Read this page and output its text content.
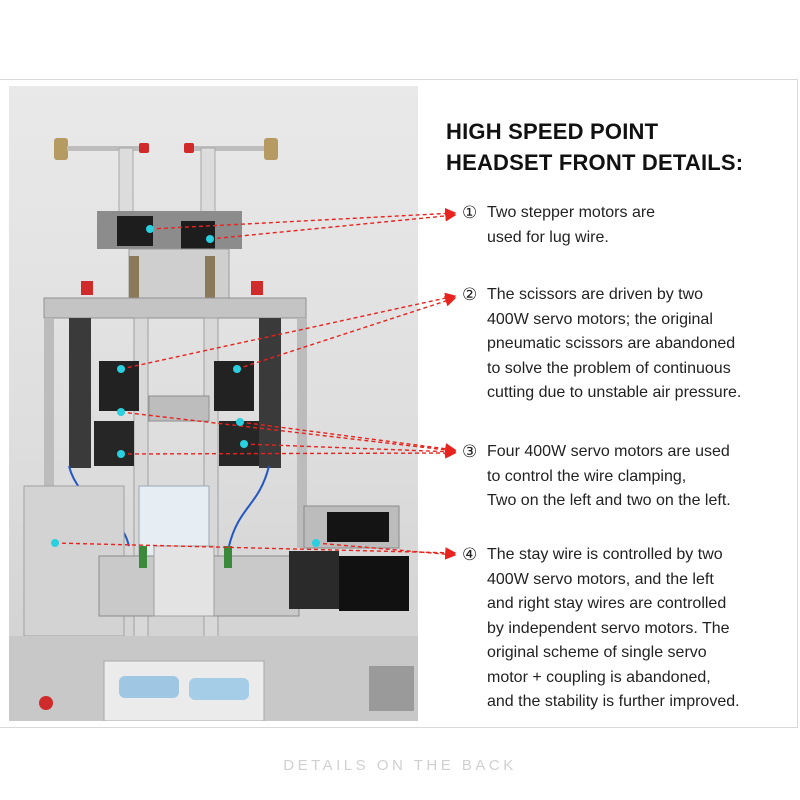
HIGH SPEED POINT
HEADSET FRONT DETAILS:
① Two stepper motors are
used for lug wire.
② The scissors are driven by two
400W servo motors; the original
pneumatic scissors are abandoned
to solve the problem of continuous
cutting due to unstable air pressure.
③ Four 400W servo motors are used
to control the wire clamping,
Two on the left and two on the left.
④ The stay wire is controlled by two
400W servo motors, and the left
and right stay wires are controlled
by independent servo motors. The
original scheme of single servo
motor + coupling is abandoned,
and the stability is further improved.
DETAILS ON THE BACK
